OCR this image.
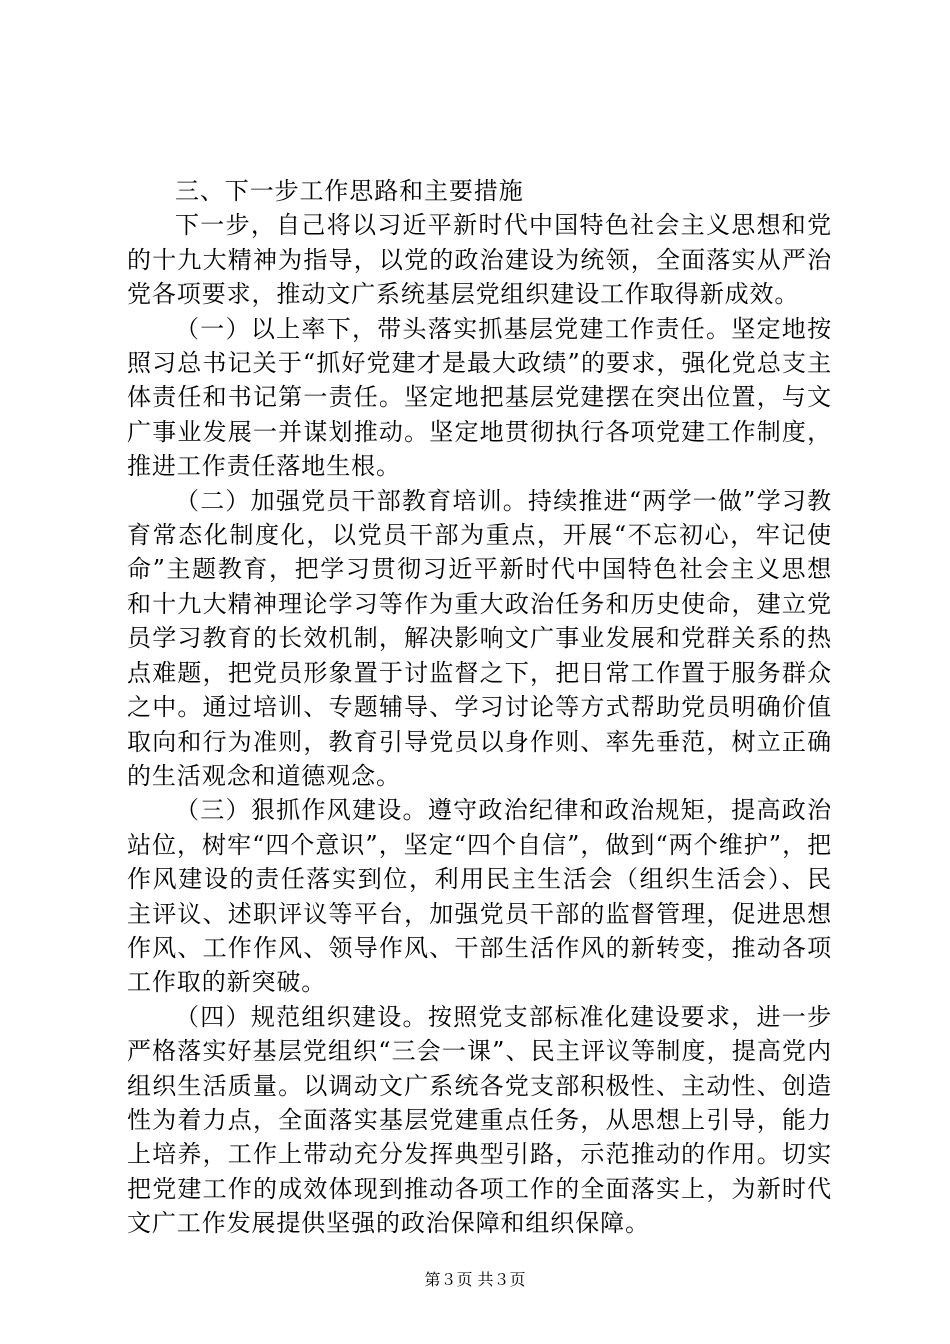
三、下一步工作思路和主要措施

下一步，自己将以习近平新时代中国特色社会主义思想和党的十九大精神为指导，以党的政治建设为统领，全面落实从严治党各项要求，推动文广系统基层党组织建设工作取得新成效。

（一）以上率下，带头落实抓基层党建工作责任。坚定地按照习总书记关于“抓好党建才是最大政绩”的要求，强化党总支主体责任和书记第一责任。坚定地把基层党建摆在突出位置，与文广事业发展一并谋划推动。坚定地贯彻执行各项党建工作制度，推进工作责任落地生根。

（二）加强党员干部教育培训。持续推进“两学一做”学习教育常态化制度化，以党员干部为重点，开展“不忘初心，牢记使命”主题教育，把学习贯彻习近平新时代中国特色社会主义思想和十九大精神理论学习等作为重大政治任务和历史使命，建立党员学习教育的长效机制，解决影响文广事业发展和党群关系的热点难题，把党员形象置于讨监督之下，把日常工作置于服务群众之中。通过培训、专题辅导、学习讨论等方式帮助党员明确价值取向和行为准则，教育引导党员以身作则、率先垂范，树立正确的生活观念和道德观念。

（三）狠抓作风建设。遵守政治纪律和政治规矩，提高政治站位，树牢“四个意识”，坚定“四个自信”，做到“两个维护”，把作风建设的责任落实到位，利用民主生活会（组织生活会）、民主评议、述职评议等平台，加强党员干部的监督管理，促进思想作风、工作作风、领导作风、干部生活作风的新转变，推动各项工作取的新突破。

（四）规范组织建设。按照党支部标准化建设要求，进一步严格落实好基层党组织“三会一课”、民主评议等制度，提高党内组织生活质量。以调动文广系统各党支部积极性、主动性、创造性为着力点，全面落实基层党建重点任务，从思想上引导，能力上培养，工作上带动充分发挥典型引路，示范推动的作用。切实把党建工作的成效体现到推动各项工作的全面落实上，为新时代文广工作发展提供坚强的政治保障和组织保障。

第３页 共３页
